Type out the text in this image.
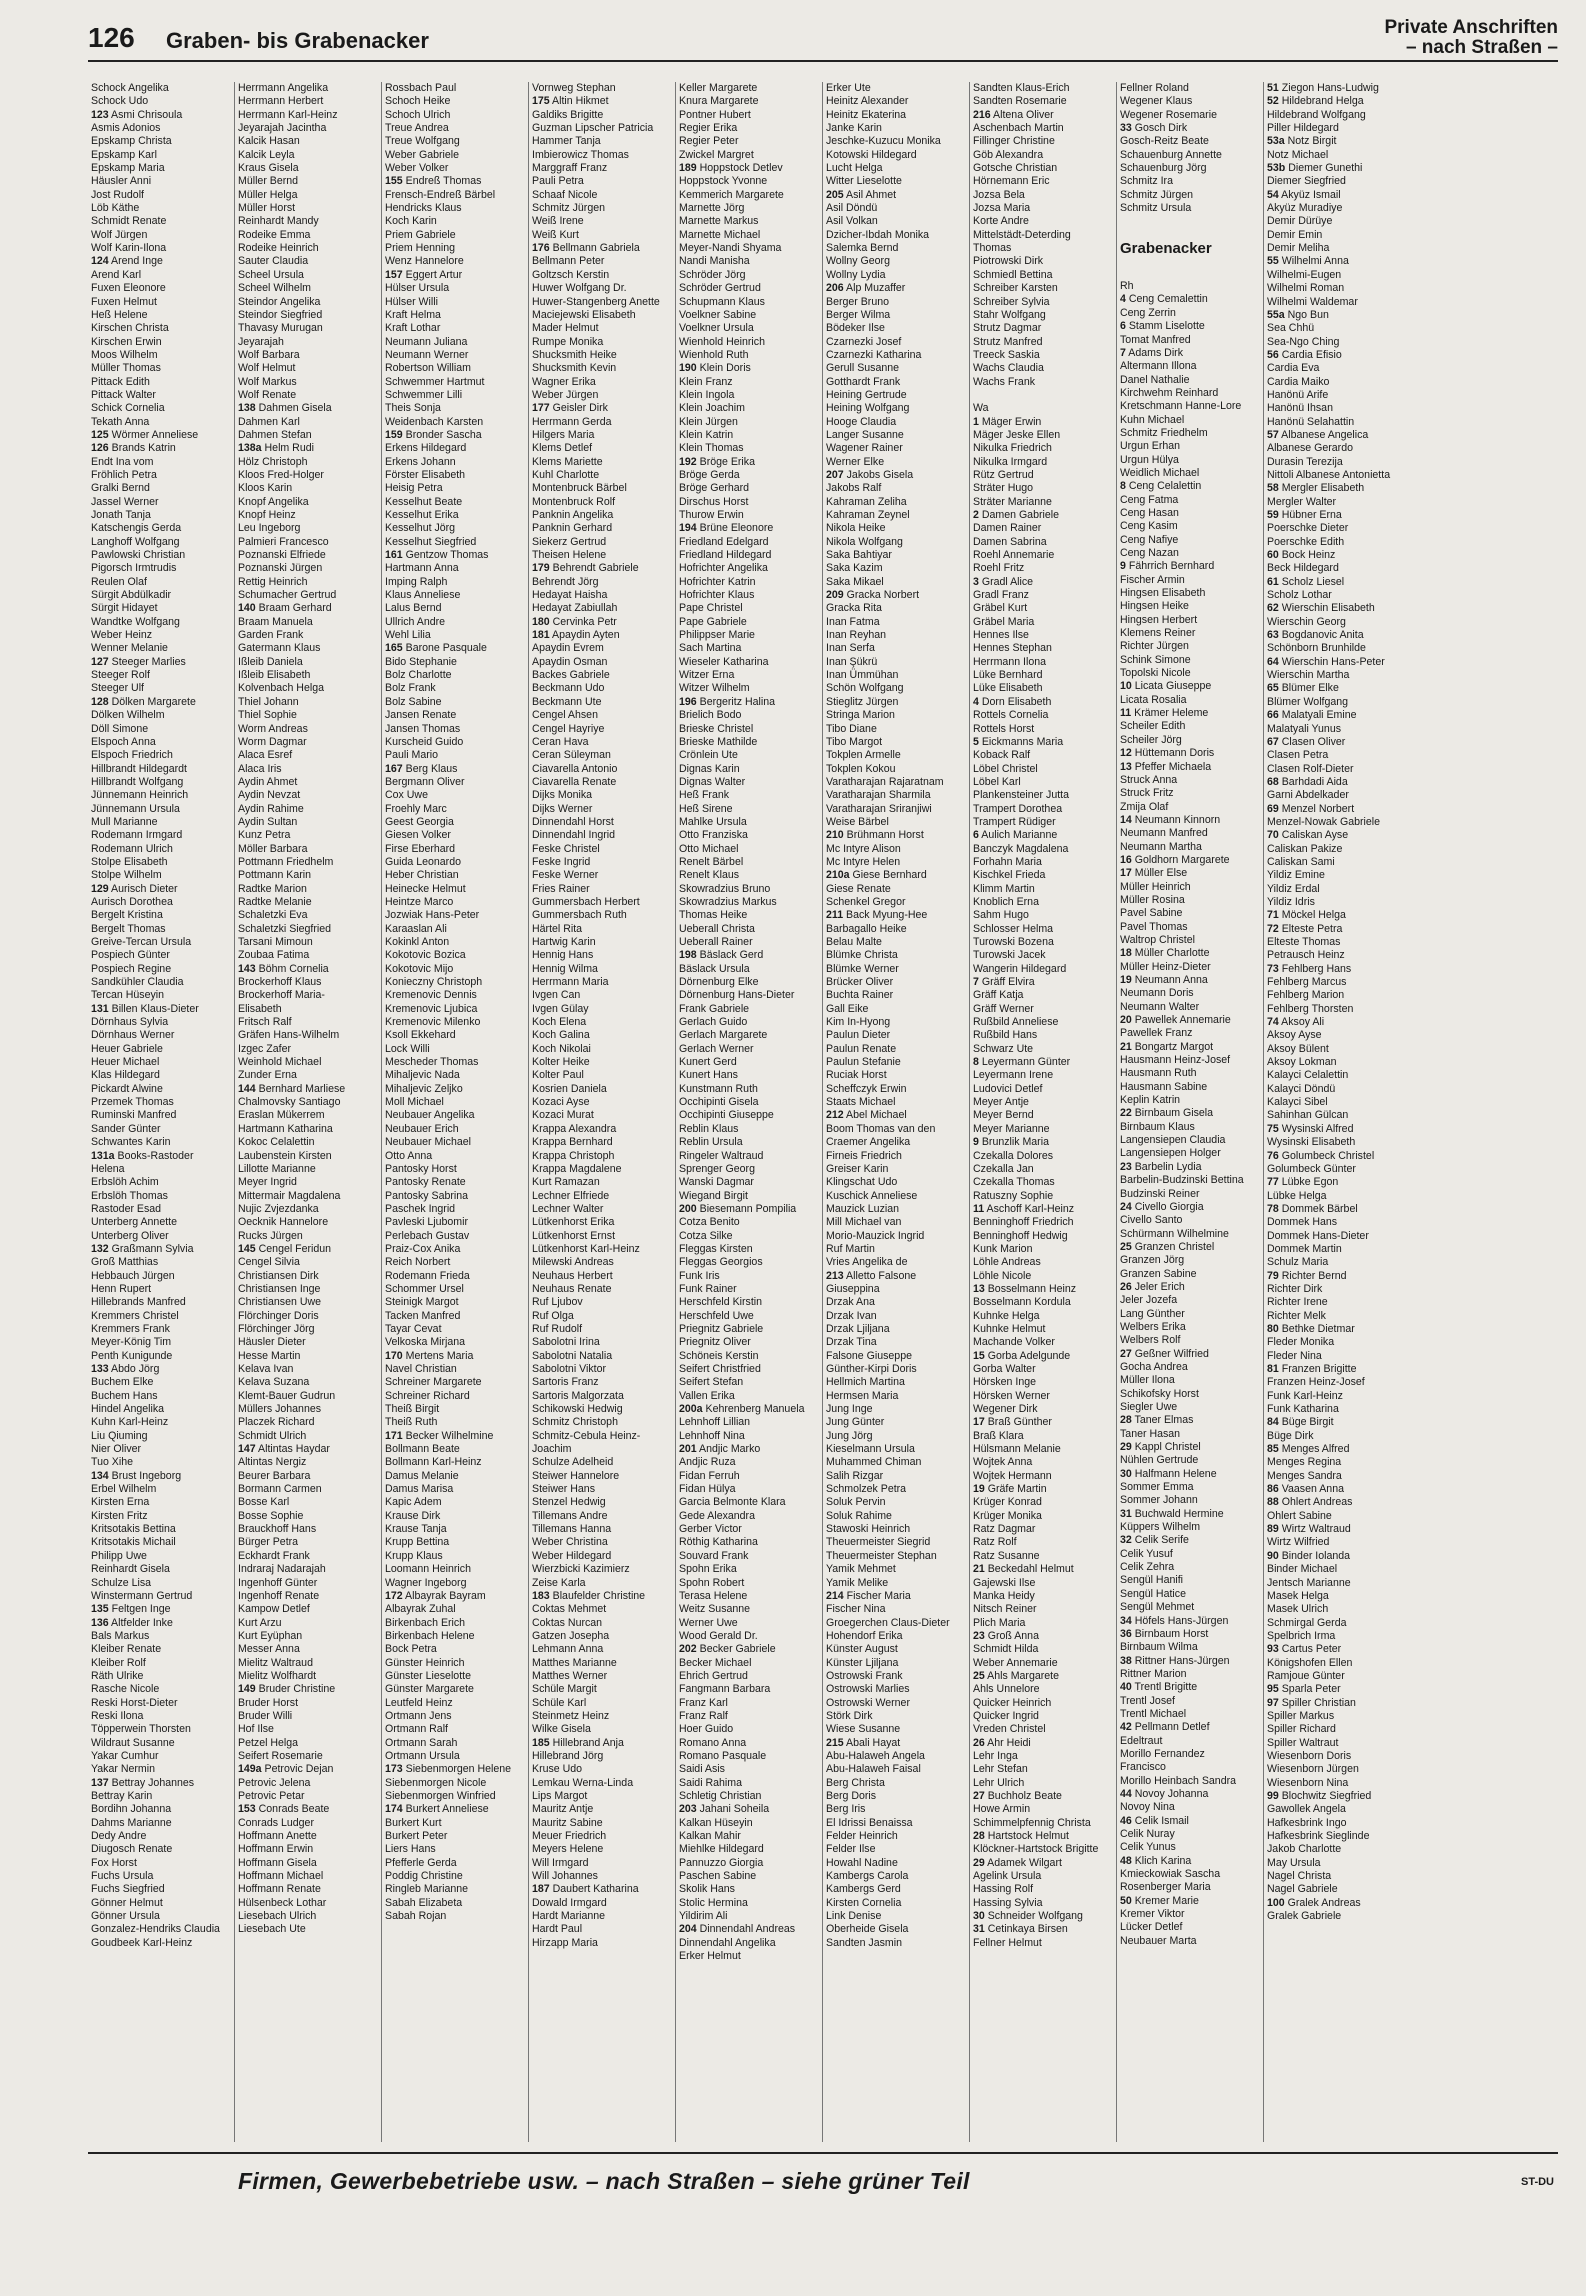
126 Graben- bis Grabenacker
Private Anschriften
– nach Straßen –
Schock Angelika
Schock Udo
123 Asmi Chrisoula
Asmis Adonios
Epskamp Christa
Epskamp Karl
Epskamp Maria
Häusler Anni
Jost Rudolf
Löb Käthe
Schmidt Renate
Wolf Jürgen
Wolf Karin-Ilona
124 Arend Inge
Arend Karl
Fuxen Eleonore
Fuxen Helmut
Heß Helene
Kirschen Christa
Kirschen Erwin
Moos Wilhelm
Müller Thomas
Pittack Edith
Pittack Walter
Schick Cornelia
Tekath Anna
125 Wörmer Anneliese
126 Brands Katrin
Endt Ina vom
Fröhlich Petra
Gralki Bernd
Jassel Werner
Jonath Tanja
Katschengis Gerda
Langhoff Wolfgang
Pawlowski Christian
Pigorsch Irmtrudis
Reulen Olaf
Sürgit Abdülkadir
Sürgit Hidayet
Wandtke Wolfgang
Weber Heinz
Wenner Melanie
127 Steeger Marlies
Steeger Rolf
Steeger Ulf
128 Dölken Margarete
Dölken Wilhelm
Döll Simone
Elspoch Anna
Elspoch Friedrich
Hillbrandt Hildegardt
Hillbrandt Wolfgang
Jünnemann Heinrich
Jünnemann Ursula
Mull Marianne
Rodemann Irmgard
Rodemann Ulrich
Stolpe Elisabeth
Stolpe Wilhelm
129 Aurisch Dieter
Aurisch Dorothea
Bergelt Kristina
Bergelt Thomas
Greive-Tercan Ursula
Pospiech Günter
Pospiech Regine
Sandkühler Claudia
Tercan Hüseyin
131 Billen Klaus-Dieter
Dörnhaus Sylvia
Dörnhaus Werner
Heuer Gabriele
Heuer Michael
Klas Hildegard
Pickardt Alwine
Przemek Thomas
Ruminski Manfred
Sander Günter
Schwantes Karin
131a Books-Rastoder
Helena
Erbslöh Achim
Erbslöh Thomas
Rastoder Esad
Unterberg Annette
Unterberg Oliver
132 Graßmann Sylvia
Groß Matthias
Hebbauch Jürgen
Henn Rupert
Hillebrands Manfred
Kremmers Christel
Kremmers Frank
Meyer-König Tim
Penth Kunigunde
133 Abdo Jörg
Buchem Elke
Buchem Hans
Hindel Angelika
Kuhn Karl-Heinz
Liu Qiuming
Nier Oliver
Tuo Xihe
134 Brust Ingeborg
Erbel Wilhelm
Kirsten Erna
Kirsten Fritz
Kritsotakis Bettina
Kritsotakis Michail
Philipp Uwe
Reinhardt Gisela
Schulze Lisa
Winstermann Gertrud
135 Feltgen Inge
136 Altfelder Inke
Bals Markus
Kleiber Renate
Kleiber Rolf
Räth Ulrike
Rasche Nicole
Reski Horst-Dieter
Reski Ilona
Töpperwein Thorsten
Wildraut Susanne
Yakar Cumhur
Yakar Nermin
137 Bettray Johannes
Bettray Karin
Bordihn Johanna
Dahms Marianne
Dedy Andre
Diugosch Renate
Fox Horst
Fuchs Ursula
Fuchs Siegfried
Gönner Helmut
Gönner Ursula
Gonzalez-Hendriks Claudia
Goudbeek Karl-Heinz
Herrmann Angelika
Herrmann Herbert
Herrmann Karl-Heinz
Jeyarajah Jacintha
Kalcik Hasan
Kalcik Leyla
Kraus Gisela
Müller Bernd
Müller Helga
Müller Horst
Reinhardt Mandy
Rodeike Emma
Rodeike Heinrich
Sauter Claudia
Scheel Ursula
Scheel Wilhelm
Steindor Angelika
Steindor Siegfried
Thavasy Murugan
Jeyarajah
Wolf Barbara
Wolf Helmut
Wolf Markus
Wolf Renate
138 Dahmen Gisela
Dahmen Karl
Dahmen Stefan
138a Helm Rudi
Hölz Christoph
Kloos Fred-Holger
Kloos Karin
Knopf Angelika
Knopf Heinz
Leu Ingeborg
Palmieri Francesco
Poznanski Elfriede
Poznanski Jürgen
Rettig Heinrich
Schumacher Gertrud
140 Braam Gerhard
Braam Manuela
Garden Frank
Gatermann Klaus
Ißleib Daniela
Ißleib Elisabeth
Kolvenbach Helga
Thiel Johann
Thiel Sophie
Worm Andreas
Worm Dagmar
Alaca Esref
Alaca Iris
Aydin Ahmet
Aydin Nevzat
Aydin Rahime
Aydin Sultan
Kunz Petra
Möller Barbara
Pottmann Friedhelm
Pottmann Karin
Radtke Marion
Radtke Melanie
Schaletzki Eva
Schaletzki Siegfried
Tarsani Mimoun
Zoubaa Fatima
143 Böhm Cornelia
Brockerhoff Klaus
Brockerhoff Maria-
Elisabeth
Fritsch Ralf
Gräfen Hans-Wilhelm
Izgec Zafer
Weinhold Michael
Zunder Erna
144 Bernhard Marliese
Chalmovsky Santiago
Eraslan Mükerrem
Hartmann Katharina
Kokoc Celalettin
Laubenstein Kirsten
Lillotte Marianne
Meyer Ingrid
Mittermair Magdalena
Nujic Zvjezdanka
Oecknik Hannelore
Rucks Jürgen
145 Cengel Feridun
Cengel Silvia
Christiansen Dirk
Christiansen Inge
Christiansen Uwe
Flörchinger Doris
Flörchinger Jörg
Häusler Dieter
Hesse Martin
Kelava Ivan
Kelava Suzana
Klemt-Bauer Gudrun
Müllers Johannes
Placzek Richard
Schmidt Ulrich
147 Altintas Haydar
Altintas Nergiz
Beurer Barbara
Bormann Carmen
Bosse Karl
Bosse Sophie
Brauckhoff Hans
Bürger Petra
Eckhardt Frank
Indraraj Nadarajah
Ingenhoff Günter
Ingenhoff Renate
Kampow Detlef
Kurt Arzu
Kurt Eyüphan
Messer Anna
Mielitz Waltraud
Mielitz Wolfhardt
149 Bruder Christine
Bruder Horst
Bruder Willi
Hof Ilse
Petzel Helga
Seifert Rosemarie
149a Petrovic Dejan
Petrovic Jelena
Petrovic Petar
153 Conrads Beate
Conrads Ludger
Hoffmann Anette
Hoffmann Erwin
Hoffmann Gisela
Hoffmann Michael
Hoffmann Renate
Hülsenbeck Lothar
Liesebach Ulrich
Liesebach Ute
Rossbach Paul
Schoch Heike
Schoch Ulrich
Treue Andrea
Treue Wolfgang
Weber Gabriele
Weber Volker
155 Endreß Thomas
Frensch-Endreß Bärbel
Hendricks Klaus
Koch Karin
Priem Gabriele
Priem Henning
Wenz Hannelore
157 Eggert Artur
Hülser Ursula
Hülser Willi
Kraft Helma
Kraft Lothar
Neumann Juliana
Neumann Werner
Robertson William
Schwemmer Hartmut
Schwemmer Lilli
Theis Sonja
Weidenbach Karsten
159 Bronder Sascha
Erkens Hildegard
Erkens Johann
Förster Elisabeth
Heisig Petra
Kesselhut Beate
Kesselhut Erika
Kesselhut Jörg
Kesselhut Siegfried
161 Gentzow Thomas
Hartmann Anna
Imping Ralph
Klaus Anneliese
Lalus Bernd
Ullrich Andre
Wehl Lilia
165 Barone Pasquale
Bido Stephanie
Bolz Charlotte
Bolz Frank
Bolz Sabine
Jansen Renate
Jansen Thomas
Kurscheid Guido
Pauli Mario
167 Berg Klaus
Bergmann Oliver
Cox Uwe
Froehly Marc
Geest Georgia
Giesen Volker
Firse Eberhard
Guida Leonardo
Heber Christian
Heinecke Helmut
Heintze Marco
Jozwiak Hans-Peter
Karaaslan Ali
Kokinkl Anton
Kokotovic Bozica
Kokotovic Mijo
Konieczny Christoph
Kremenovic Dennis
Kremenovic Ljubica
Kremenovic Milenko
Ksoll Ekkehard
Lock Willi
Mescheder Thomas
Mihaljevic Nada
Mihaljevic Zeljko
Moll Michael
Neubauer Angelika
Neubauer Erich
Neubauer Michael
Otto Anna
Pantosky Horst
Pantosky Renate
Pantosky Sabrina
Paschek Ingrid
Pavleski Ljubomir
Perlebach Gustav
Praiz-Cox Anika
Reich Norbert
Rodemann Frieda
Schommer Ursel
Steinigk Margot
Tacken Manfred
Tayar Cevat
Velkoska Mirjana
170 Mertens Maria
Navel Christian
Schreiner Margarete
Schreiner Richard
Theiß Birgit
Theiß Ruth
171 Becker Wilhelmine
Bollmann Beate
Bollmann Karl-Heinz
Damus Melanie
Damus Marisa
Kapic Adem
Krause Dirk
Krause Tanja
Krupp Bettina
Krupp Klaus
Loomann Heinrich
Wagner Ingeborg
172 Albayrak Bayram
Albayrak Zuhal
Birkenbach Erich
Birkenbach Helene
Bock Petra
Günster Heinrich
Günster Lieselotte
Günster Margarete
Leutfeld Heinz
Ortmann Jens
Ortmann Ralf
Ortmann Sarah
Ortmann Ursula
173 Siebenmorgen Helene
Siebenmorgen Nicole
Siebenmorgen Winfried
174 Burkert Anneliese
Burkert Kurt
Burkert Peter
Liers Hans
Pfefferle Gerda
Poddig Christine
Ringleb Marianne
Sabah Elizabeta
Sabah Rojan
Vornweg Stephan
175 Altin Hikmet
Galdiks Brigitte
Guzman Lipscher Patricia
Hammer Tanja
Imbierowicz Thomas
Marggraff Franz
Pauli Petra
Schaaf Nicole
Schmitz Jürgen
Weiß Irene
Weiß Kurt
176 Bellmann Gabriela
Bellmann Peter
Goltzsch Kerstin
Huwer Wolfgang Dr.
Huwer-Stangenberg Anette
Maciejewski Elisabeth
Mader Helmut
Rumpe Monika
Shucksmith Heike
Shucksmith Kevin
Wagner Erika
Weber Jürgen
177 Geisler Dirk
Herrmann Gerda
Hilgers Maria
Klems Detlef
Klems Mariette
Kuhl Charlotte
Montenbruck Bärbel
Montenbruck Rolf
Panknin Angelika
Panknin Gerhard
Siekerz Gertrud
Theisen Helene
179 Behrendt Gabriele
Behrendt Jörg
Hedayat Haisha
Hedayat Zabiullah
180 Cervinka Petr
181 Apaydin Ayten
Apaydin Evrem
Apaydin Osman
Backes Gabriele
Beckmann Udo
Beckmann Ute
Cengel Ahsen
Cengel Hayriye
Ceran Hava
Ceran Süleyman
Ciavarella Antonio
Ciavarella Renate
Dijks Monika
Dijks Werner
Dinnendahl Horst
Dinnendahl Ingrid
Feske Christel
Feske Ingrid
Feske Werner
Fries Rainer
Gummersbach Herbert
Gummersbach Ruth
Härtel Rita
Hartwig Karin
Hennig Hans
Hennig Wilma
Herrmann Maria
Ivgen Can
Ivgen Gülay
Koch Elena
Koch Galina
Koch Nikolai
Kolter Heike
Kolter Paul
Kosrien Daniela
Kozaci Ayse
Kozaci Murat
Krappa Alexandra
Krappa Bernhard
Krappa Christoph
Krappa Magdalene
Kurt Ramazan
Lechner Elfriede
Lechner Walter
Lütkenhorst Erika
Lütkenhorst Ernst
Lütkenhorst Karl-Heinz
Milewski Andreas
Neuhaus Herbert
Neuhaus Renate
Ruf Ljubov
Ruf Olga
Ruf Rudolf
Sabolotni Irina
Sabolotni Natalia
Sabolotni Viktor
Sartoris Franz
Sartoris Malgorzata
Schikowski Hedwig
Schmitz Christoph
Schmitz-Cebula Heinz-
Joachim
Schulze Adelheid
Steiwer Hannelore
Steiwer Hans
Stenzel Hedwig
Tillemans Andre
Tillemans Hanna
Weber Christina
Weber Hildegard
Wierzbicki Kazimierz
Zeise Karla
183 Blaufelder Christine
Coktas Mehmet
Coktas Nurcan
Gatzen Josepha
Lehmann Anna
Matthes Marianne
Matthes Werner
Schüle Margit
Schüle Karl
Steinmetz Heinz
Wilke Gisela
185 Hillebrand Anja
Hillebrand Jörg
Kruse Udo
Lemkau Werna-Linda
Lips Margot
Mauritz Antje
Mauritz Sabine
Meuer Friedrich
Meyers Helene
Will Irmgard
Will Johannes
187 Daubert Katharina
Dowald Irmgard
Hardt Marianne
Hardt Paul
Hirzapp Maria
Keller Margarete
Knura Margarete
Pontner Hubert
Regier Erika
Regier Peter
Zwickel Margret
189 Hoppstock Detlev
Hoppstock Yvonne
Kemmerich Margarete
Marnette Jörg
Marnette Markus
Marnette Michael
Meyer-Nandi Shyama
Nandi Manisha
Schröder Jörg
Schröder Gertrud
Schupmann Klaus
Voelkner Sabine
Voelkner Ursula
Wienhold Heinrich
Wienhold Ruth
190 Klein Doris
Klein Franz
Klein Ingola
Klein Joachim
Klein Jürgen
Klein Katrin
Klein Thomas
192 Bröge Erika
Bröge Gerda
Bröge Gerhard
Dirschus Horst
Thurow Erwin
194 Brüne Eleonore
Friedland Edelgard
Friedland Hildegard
Hofrichter Angelika
Hofrichter Katrin
Hofrichter Klaus
Pape Christel
Pape Gabriele
Philippser Marie
Sach Martina
Wieseler Katharina
Witzer Erna
Witzer Wilhelm
196 Bergeritz Halina
Brielich Bodo
Brieske Christel
Brieske Mathilde
Crönlein Ute
Dignas Karin
Dignas Walter
Heß Frank
Heß Sirene
Mahlke Ursula
Otto Franziska
Otto Michael
Renelt Bärbel
Renelt Klaus
Skowradzius Bruno
Skowradzius Markus
Thomas Heike
Ueberall Christa
Ueberall Rainer
198 Bäslack Gerd
Bäslack Ursula
Dörnenburg Elke
Dörnenburg Hans-Dieter
Frank Gabriele
Gerlach Guido
Gerlach Margarete
Gerlach Werner
Kunert Gerd
Kunert Hans
Kunstmann Ruth
Occhipinti Gisela
Occhipinti Giuseppe
Reblin Klaus
Reblin Ursula
Ringeler Waltraud
Sprenger Georg
Wanski Dagmar
Wiegand Birgit
200 Biesemann Pompilia
Cotza Benito
Cotza Silke
Fleggas Kirsten
Fleggas Georgios
Funk Iris
Funk Rainer
Herschfeld Kirstin
Herschfeld Uwe
Priegnitz Gabriele
Priegnitz Oliver
Schöneis Kerstin
Seifert Christfried
Seifert Stefan
Vallen Erika
200a Kehrenberg Manuela
Lehnhoff Lillian
Lehnhoff Nina
201 Andjic Marko
Andjic Ruza
Fidan Ferruh
Fidan Hülya
Garcia Belmonte Klara
Gede Alexandra
Gerber Victor
Röthig Katharina
Souvard Frank
Spohn Erika
Spohn Robert
Terasa Helene
Weitz Susanne
Werner Uwe
Wood Gerald Dr.
202 Becker Gabriele
Becker Michael
Ehrich Gertrud
Fangmann Barbara
Franz Karl
Franz Ralf
Hoer Guido
Romano Anna
Romano Pasquale
Saidi Asis
Saidi Rahima
Schletig Christian
203 Jahani Soheila
Kalkan Hüseyin
Kalkan Mahir
Miehlke Hildegard
Pannuzzo Giorgia
Paschen Sabine
Skolik Hans
Stolic Hermina
Yildirim Ali
204 Dinnendahl Andreas
Dinnendahl Angelika
Erker Helmut
Erker Ute
Heinitz Alexander
Heinitz Ekaterina
Janke Karin
Jeschke-Kuzucu Monika
Kotowski Hildegard
Lucht Helga
Witter Lieselotte
205 Asil Ahmet
Asil Döndü
Asil Volkan
Dzicher-Ibdah Monika
Salemka Bernd
Wollny Georg
Wollny Lydia
206 Alp Muzaffer
Berger Bruno
Berger Wilma
Bödeker Ilse
Czarnezki Josef
Czarnezki Katharina
Gerull Susanne
Gotthardt Frank
Heining Gertrude
Heining Wolfgang
Hooge Claudia
Langer Susanne
Wagener Rainer
Werner Elke
207 Jakobs Gisela
Jakobs Ralf
Kahraman Zeliha
Kahraman Zeynel
Nikola Heike
Nikola Wolfgang
Saka Bahtiyar
Saka Kazim
Saka Mikael
209 Gracka Norbert
Gracka Rita
Inan Fatma
Inan Reyhan
Inan Serfa
Inan Şükrü
Inan Ümmühan
Schön Wolfgang
Stieglitz Jürgen
Stringa Marion
Tibo Diane
Tibo Margot
Tokplen Armelle
Tokplen Kokou
Varatharajan Rajaratnam
Varatharajan Sharmila
Varatharajan Sriranjiwi
Weise Bärbel
210 Brühmann Horst
Mc Intyre Alison
Mc Intyre Helen
210a Giese Bernhard
Giese Renate
Schenkel Gregor
211 Back Myung-Hee
Barbagallo Heike
Belau Malte
Blümke Christa
Blümke Werner
Brücker Oliver
Buchta Rainer
Gall Eike
Kim In-Hyong
Paulun Dieter
Paulun Renate
Paulun Stefanie
Ruciak Horst
Scheffczyk Erwin
Staats Michael
212 Abel Michael
Boom Thomas van den
Craemer Angelika
Firneis Friedrich
Greiser Karin
Klingschat Udo
Kuschick Anneliese
Mauzick Luzian
Mill Michael van
Morio-Mauzick Ingrid
Ruf Martin
Vries Angelika de
213 Alletto Falsone
Giuseppina
Drzak Ana
Drzak Ivan
Drzak Ljiljana
Drzak Tina
Falsone Giuseppe
Günther-Kirpi Doris
Hellmich Martina
Hermsen Maria
Jung Inge
Jung Günter
Jung Jörg
Kieselmann Ursula
Muhammed Chiman
Salih Rizgar
Schmolzek Petra
Soluk Pervin
Soluk Rahime
Stawoski Heinrich
Theuermeister Siegrid
Theuermeister Stephan
Yamik Mehmet
Yamik Melike
214 Fischer Maria
Fischer Nina
Groegerchen Claus-Dieter
Hohendorf Erika
Künster August
Künster Ljiljana
Ostrowski Frank
Ostrowski Marlies
Ostrowski Werner
Störk Dirk
Wiese Susanne
215 Abali Hayat
Abu-Halaweh Angela
Abu-Halaweh Faisal
Berg Christa
Berg Doris
Berg Iris
El Idrissi Benaissa
Felder Heinrich
Felder Ilse
Howahl Nadine
Kambergs Carola
Kambergs Gerd
Kirsten Cornelia
Link Denise
Oberheide Gisela
Sandten Jasmin
Sandten Klaus-Erich
Sandten Rosemarie
216 Altena Oliver
Aschenbach Martin
Fillinger Christine
Göb Alexandra
Gotsche Christian
Hörnemann Eric
Jozsa Bela
Jozsa Maria
Korte Andre
Mittelstädt-Deterding
Thomas
Piotrowski Dirk
Schmiedl Bettina
Schreiber Karsten
Schreiber Sylvia
Stahr Wolfgang
Strutz Dagmar
Strutz Manfred
Treeck Saskia
Wachs Claudia
Wachs Frank

Wa
1 Mäger Erwin
Mäger Jeske Ellen
Nikulka Friedrich
Nikulka Irmgard
Rütz Gertrud
Sträter Hugo
Sträter Marianne
2 Damen Gabriele
Damen Rainer
Damen Sabrina
Roehl Annemarie
Roehl Fritz
3 Gradl Alice
Gradl Franz
Gräbel Kurt
Gräbel Maria
Hennes Ilse
Hennes Stephan
Herrmann Ilona
Lüke Bernhard
Lüke Elisabeth
4 Dorn Elisabeth
Rottels Cornelia
Rottels Horst
5 Eickmanns Maria
Koback Ralf
Löbel Christel
Löbel Karl
Plankensteiner Jutta
Trampert Dorothea
Trampert Rüdiger
6 Aulich Marianne
Banczyk Magdalena
Forhahn Maria
Kischkel Frieda
Klimm Martin
Knoblich Erna
Sahm Hugo
Schlosser Helma
Turowski Bozena
Turowski Jacek
Wangerin Hildegard
7 Gräff Elvira
Gräff Katja
Gräff Werner
Rußbild Anneliese
Rußbild Hans
Schwarz Ute
8 Leyermann Günter
Leyermann Irene
Ludovici Detlef
Meyer Antje
Meyer Bernd
Meyer Marianne
9 Brunzlik Maria
Czekalla Dolores
Czekalla Jan
Czekalla Thomas
Ratuszny Sophie
11 Aschoff Karl-Heinz
Benninghoff Friedrich
Benninghoff Hedwig
Kunk Marion
Löhle Andreas
Löhle Nicole
13 Bosselmann Heinz
Bosselmann Kordula
Kuhnke Helga
Kuhnke Helmut
Machande Volker
15 Gorba Adelgunde
Gorba Walter
Hörsken Inge
Hörsken Werner
Wegener Dirk
17 Braß Günther
Braß Klara
Hülsmann Melanie
Wojtek Anna
Wojtek Hermann
19 Gräfe Martin
Krüger Konrad
Krüger Monika
Ratz Dagmar
Ratz Rolf
Ratz Susanne
21 Beckedahl Helmut
Gajewski Ilse
Manka Heidy
Nitsch Reiner
Plich Maria
23 Groß Anna
Schmidt Hilda
Weber Annemarie
25 Ahls Margarete
Ahls Unnelore
Quicker Heinrich
Quicker Ingrid
Vreden Christel
26 Ahr Heidi
Lehr Inga
Lehr Stefan
Lehr Ulrich
27 Buchholz Beate
Howe Armin
Schimmelpfennig Christa
28 Hartstock Helmut
Klöckner-Hartstock Brigitte
29 Adamek Wilgart
Agelink Ursula
Hassing Rolf
Hassing Sylvia
30 Schneider Wolfgang
31 Cetinkaya Birsen
Fellner Helmut
Fellner Roland
Wegener Klaus
Wegener Rosemarie
33 Gosch Dirk
Gosch-Reitz Beate
Schauenburg Annette
Schauenburg Jörg
Schmitz Ira
Schmitz Jürgen
Schmitz Ursula

Grabenacker

Rh
4 Ceng Cemalettin
Ceng Zerrin
6 Stamm Liselotte
Tomat Manfred
7 Adams Dirk
Altermann Illona
Danel Nathalie
Kirchwehm Reinhard
Kretschmann Hanne-Lore
Kuhn Michael
Schmitz Friedhelm
Urgun Erhan
Urgun Hülya
Weidlich Michael
8 Ceng Celalettin
Ceng Fatma
Ceng Hasan
Ceng Kasim
Ceng Nafiye
Ceng Nazan
9 Fährrich Bernhard
Fischer Armin
Hingsen Elisabeth
Hingsen Heike
Hingsen Herbert
Klemens Reiner
Richter Jürgen
Schink Simone
Topolski Nicole
10 Licata Giuseppe
Licata Rosalia
11 Krämer Heleme
Scheiler Edith
Scheiler Jörg
12 Hüttemann Doris
13 Pfeffer Michaela
Struck Anna
Struck Fritz
Zmija Olaf
14 Neumann Kinnorn
Neumann Manfred
Neumann Martha
16 Goldhorn Margarete
17 Müller Else
Müller Heinrich
Müller Rosina
Pavel Sabine
Pavel Thomas
Waltrop Christel
18 Müller Charlotte
Müller Heinz-Dieter
19 Neumann Anna
Neumann Doris
Neumann Walter
20 Pawellek Annemarie
Pawellek Franz
21 Bongartz Margot
Hausmann Heinz-Josef
Hausmann Ruth
Hausmann Sabine
Keplin Katrin
22 Birnbaum Gisela
Birnbaum Klaus
Langensiepen Claudia
Langensiepen Holger
23 Barbelin Lydia
Barbelin-Budzinski Bettina
Budzinski Reiner
24 Civello Giorgia
Civello Santo
Schürmann Wilhelmine
25 Granzen Christel
Granzen Jörg
Granzen Sabine
26 Jeler Erich
Jeler Jozefa
Lang Günther
Welbers Erika
Welbers Rolf
27 Geßner Wilfried
Gocha Andrea
Müller Ilona
Schikofsky Horst
Siegler Uwe
28 Taner Elmas
Taner Hasan
29 Kappl Christel
Nühlen Gertrude
30 Halfmann Helene
Sommer Emma
Sommer Johann
31 Buchwald Hermine
Küppers Wilhelm
32 Celik Serife
Celik Yusuf
Celik Zehra
Sengül Hanifi
Sengül Hatice
Sengül Mehmet
34 Höfels Hans-Jürgen
36 Birnbaum Horst
Birnbaum Wilma
38 Rittner Hans-Jürgen
Rittner Marion
40 Trentl Brigitte
Trentl Josef
Trentl Michael
42 Pellmann Detlef
Edeltraut
Morillo Fernandez
Francisco
Morillo Heinbach Sandra
44 Novoy Johanna
Novoy Nina
46 Celik Ismail
Celik Nuray
Celik Yunus
48 Klich Karina
Kmieckowiak Sascha
Rosenberger Maria
50 Kremer Marie
Kremer Viktor
Lücker Detlef
Neubauer Marta
51 Ziegon Hans-Ludwig
52 Hildebrand Helga
Hildebrand Wolfgang
Piller Hildegard
53a Notz Birgit
Notz Michael
53b Diemer Gunethi
Diemer Siegfried
54 Akyüz Ismail
Akyüz Muradiye
Demir Dürüye
Demir Emin
Demir Meliha
55 Wilhelmi Anna
Wilhelmi-Eugen
Wilhelmi Roman
Wilhelmi Waldemar
55a Ngo Bun
Sea Chhü
Sea-Ngo Ching
56 Cardia Efisio
Cardia Eva
Cardia Maiko
Hanönü Arife
Hanönü Ihsan
Hanönü Selahattin
57 Albanese Angelica
Albanese Gerardo
Durasin Terezija
Nittoli Albanese Antonietta
58 Mergler Elisabeth
Mergler Walter
59 Hübner Erna
Poerschke Dieter
Poerschke Edith
60 Bock Heinz
Beck Hildegard
61 Scholz Liesel
Scholz Lothar
62 Wierschin Elisabeth
Wierschin Georg
63 Bogdanovic Anita
Schönborn Brunhilde
64 Wierschin Hans-Peter
Wierschin Martha
65 Blümer Elke
Blümer Wolfgang
66 Malatyali Emine
Malatyali Yunus
67 Clasen Oliver
Clasen Petra
Clasen Rolf-Dieter
68 Barhdadi Aida
Garni Abdelkader
69 Menzel Norbert
Menzel-Nowak Gabriele
70 Caliskan Ayse
Caliskan Pakize
Caliskan Sami
Yildiz Emine
Yildiz Erdal
Yildiz Idris
71 Möckel Helga
72 Elteste Petra
Elteste Thomas
Petrausch Heinz
73 Fehlberg Hans
Fehlberg Marcus
Fehlberg Marion
Fehlberg Thorsten
74 Aksoy Ali
Aksoy Ayse
Aksoy Bülent
Aksoy Lokman
Kalayci Celalettin
Kalayci Döndü
Kalayci Sibel
Sahinhan Gülcan
75 Wysinski Alfred
Wysinski Elisabeth
76 Golumbeck Christel
Golumbeck Günter
77 Lübke Egon
Lübke Helga
78 Dommek Bärbel
Dommek Hans
Dommek Hans-Dieter
Dommek Martin
Schulz Maria
79 Richter Bernd
Richter Dirk
Richter Irene
Richter Melk
80 Bethke Dietmar
Fleder Monika
Fleder Nina
81 Franzen Brigitte
Franzen Heinz-Josef
Funk Karl-Heinz
Funk Katharina
84 Büge Birgit
Büge Dirk
85 Menges Alfred
Menges Regina
Menges Sandra
86 Vaasen Anna
88 Ohlert Andreas
Ohlert Sabine
89 Wirtz Waltraud
Wirtz Wilfried
90 Binder Iolanda
Binder Michael
Jentsch Marianne
Masek Helga
Masek Ulrich
Schmirgal Gerda
Spelbrich Irma
93 Cartus Peter
Königshofen Ellen
Ramjoue Günter
95 Sparla Peter
97 Spiller Christian
Spiller Markus
Spiller Richard
Spiller Waltraut
Wiesenborn Doris
Wiesenborn Jürgen
Wiesenborn Nina
99 Blochwitz Siegfried
Gawollek Angela
Hafkesbrink Ingo
Hafkesbrink Sieglinde
Jakob Charlotte
May Ursula
Nagel Christa
Nagel Gabriele
100 Gralek Andreas
Gralek Gabriele
Firmen, Gewerbebetriebe usw. – nach Straßen – siehe grüner Teil	ST-DU
